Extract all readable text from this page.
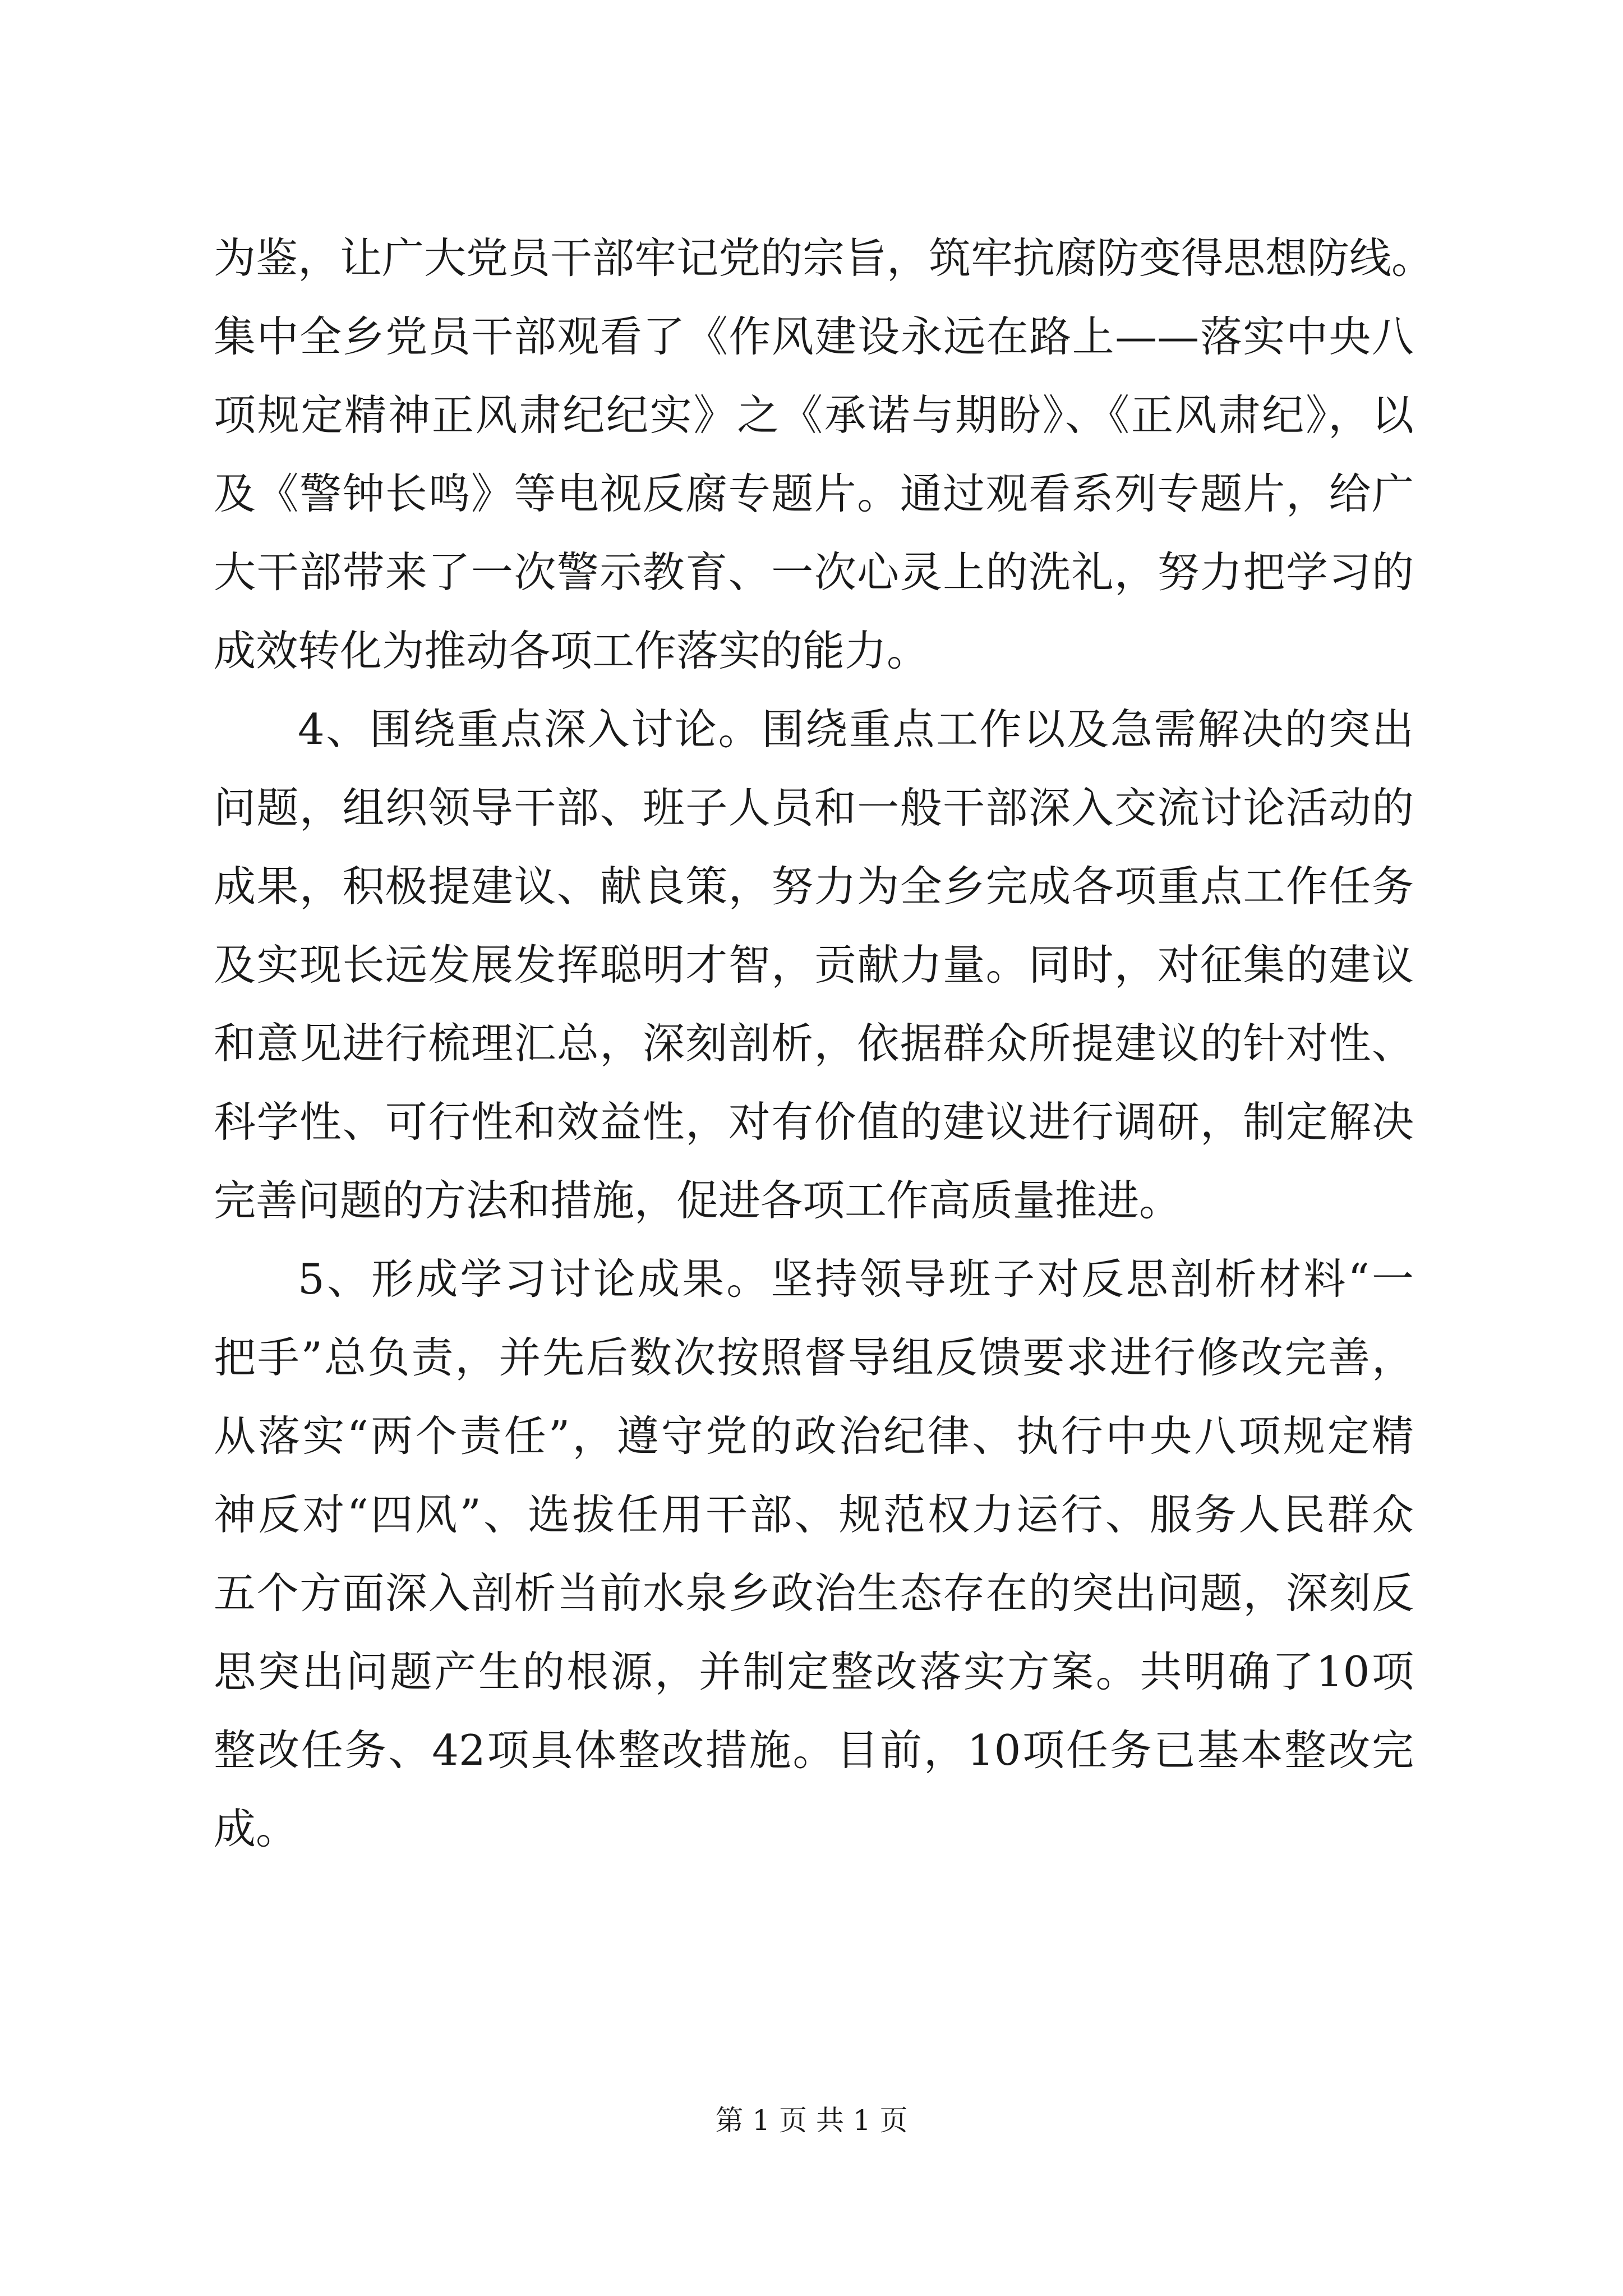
为鉴，让广大党员干部牢记党的宗旨，筑牢抗腐防变得思想防线。
集中全乡党员干部观看了《作风建设永远在路上——落实中央八
项规定精神正风肃纪纪实》之《承诺与期盼》、《正风肃纪》，以
及《警钟长鸣》等电视反腐专题片。通过观看系列专题片，给广
大干部带来了一次警示教育、一次心灵上的洗礼，努力把学习的
成效转化为推动各项工作落实的能力。
4、围绕重点深入讨论。围绕重点工作以及急需解决的突出
问题，组织领导干部、班子人员和一般干部深入交流讨论活动的
成果，积极提建议、献良策，努力为全乡完成各项重点工作任务
及实现长远发展发挥聪明才智，贡献力量。同时，对征集的建议
和意见进行梳理汇总，深刻剖析，依据群众所提建议的针对性、
科学性、可行性和效益性，对有价值的建议进行调研，制定解决
完善问题的方法和措施，促进各项工作高质量推进。
5、形成学习讨论成果。坚持领导班子对反思剖析材料“一
把手”总负责，并先后数次按照督导组反馈要求进行修改完善，
从落实“两个责任”，遵守党的政治纪律、执行中央八项规定精
神反对“四风”、选拔任用干部、规范权力运行、服务人民群众
五个方面深入剖析当前水泉乡政治生态存在的突出问题，深刻反
思突出问题产生的根源，并制定整改落实方案。共明确了10项
整改任务、42项具体整改措施。目前，10项任务已基本整改完
成。
第 1 页 共 1 页
